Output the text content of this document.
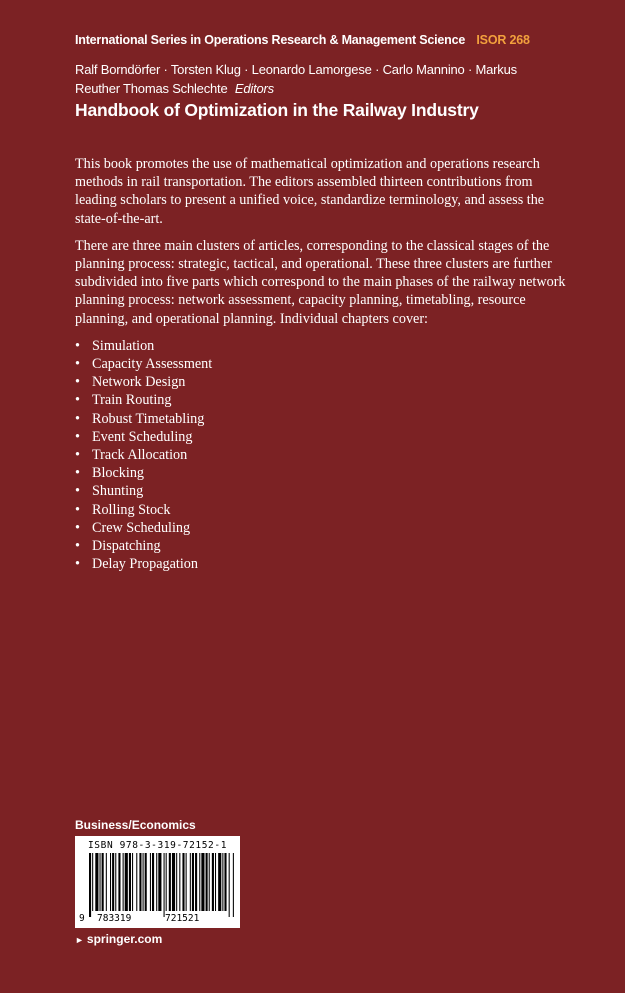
International Series in Operations Research & Management Science ISOR 268
Ralf Borndörfer · Torsten Klug · Leonardo Lamorgese · Carlo Mannino · Markus Reuther Thomas Schlechte Editors
Handbook of Optimization in the Railway Industry

This book promotes the use of mathematical optimization and operations research methods in rail transportation. The editors assembled thirteen contributions from leading scholars to present a unified voice, standardize terminology, and assess the state-of-the-art.

There are three main clusters of articles, corresponding to the classical stages of the planning process: strategic, tactical, and operational. These three clusters are further subdivided into five parts which correspond to the main phases of the railway network planning process: network assessment, capacity planning, timetabling, resource planning, and operational planning. Individual chapters cover:

• Simulation
• Capacity Assessment
• Network Design
• Train Routing
• Robust Timetabling
• Event Scheduling
• Track Allocation
• Blocking
• Shunting
• Rolling Stock
• Crew Scheduling
• Dispatching
• Delay Propagation
Business/Economics
ISBN 978-3-319-72152-1
9 783319	721521
► springer.com
